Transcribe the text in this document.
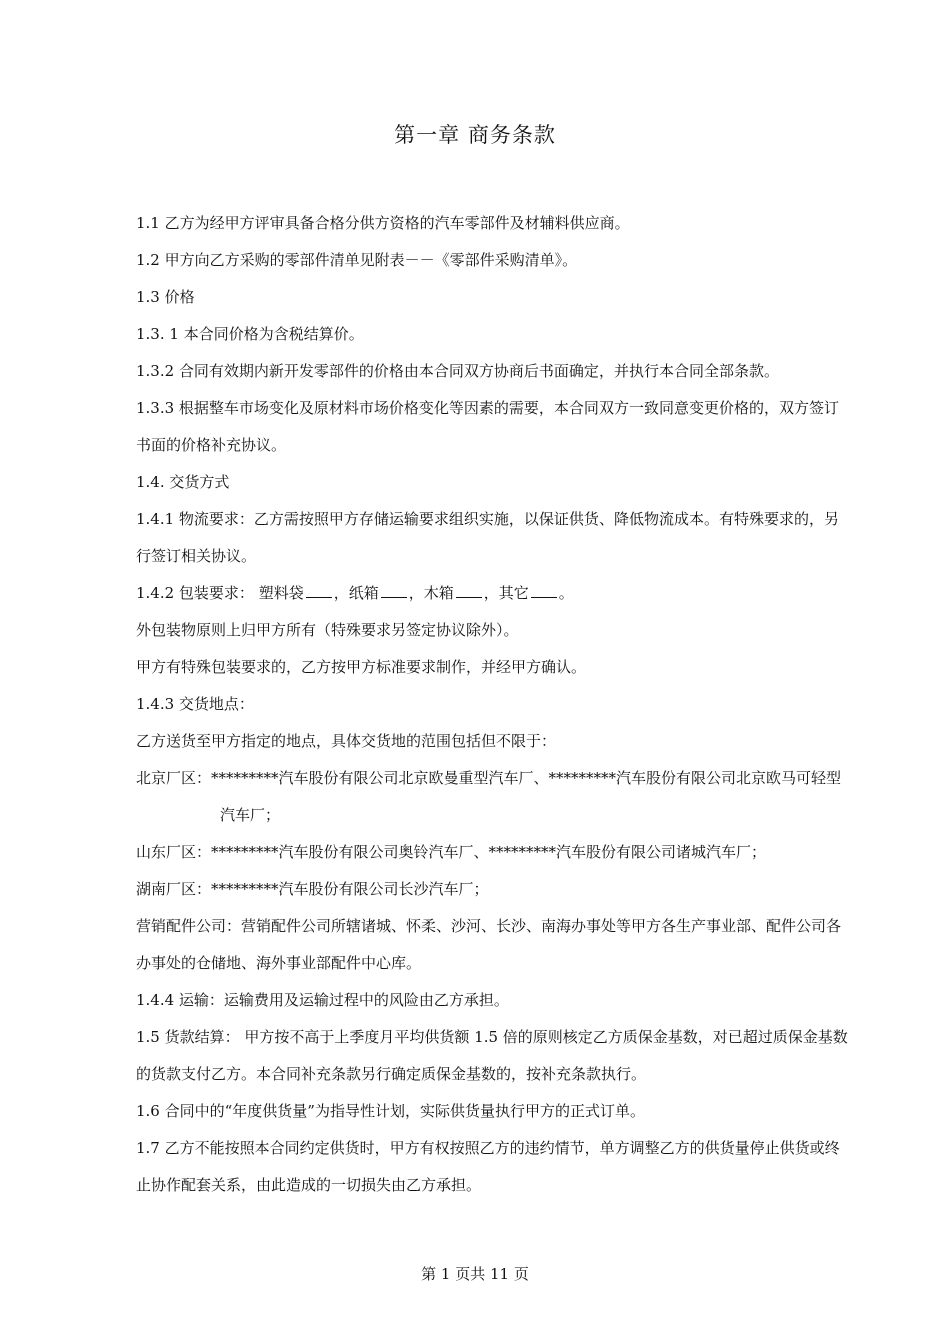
第一章 商务条款

1.1 乙方为经甲方评审具备合格分供方资格的汽车零部件及材辅料供应商。

1.2 甲方向乙方采购的零部件清单见附表－－《零部件采购清单》。

1.3 价格

1.3. 1 本合同价格为含税结算价。

1.3.2 合同有效期内新开发零部件的价格由本合同双方协商后书面确定，并执行本合同全部条款。

1.3.3 根据整车市场变化及原材料市场价格变化等因素的需要，本合同双方一致同意变更价格的，双方签订书面的价格补充协议。

1.4. 交货方式

1.4.1 物流要求：乙方需按照甲方存储运输要求组织实施，以保证供货、降低物流成本。有特殊要求的，另行签订相关协议。

1.4.2 包装要求： 塑料袋 ，纸箱 ，木箱 ，其它 。

外包装物原则上归甲方所有（特殊要求另签定协议除外）。

甲方有特殊包装要求的，乙方按甲方标准要求制作，并经甲方确认。

1.4.3 交货地点：

乙方送货至甲方指定的地点，具体交货地的范围包括但不限于：

北京厂区：*********汽车股份有限公司北京欧曼重型汽车厂、*********汽车股份有限公司北京欧马可轻型汽车厂；

山东厂区：*********汽车股份有限公司奥铃汽车厂、*********汽车股份有限公司诸城汽车厂；

湖南厂区：*********汽车股份有限公司长沙汽车厂；

营销配件公司：营销配件公司所辖诸城、怀柔、沙河、长沙、南海办事处等甲方各生产事业部、配件公司各办事处的仓储地、海外事业部配件中心库。

1.4.4 运输：运输费用及运输过程中的风险由乙方承担。

1.5 货款结算： 甲方按不高于上季度月平均供货额 1.5 倍的原则核定乙方质保金基数，对已超过质保金基数的货款支付乙方。本合同补充条款另行确定质保金基数的，按补充条款执行。

1.6 合同中的“年度供货量”为指导性计划，实际供货量执行甲方的正式订单。

1.7 乙方不能按照本合同约定供货时，甲方有权按照乙方的违约情节，单方调整乙方的供货量停止供货或终止协作配套关系，由此造成的一切损失由乙方承担。

第 1 页共 11 页
